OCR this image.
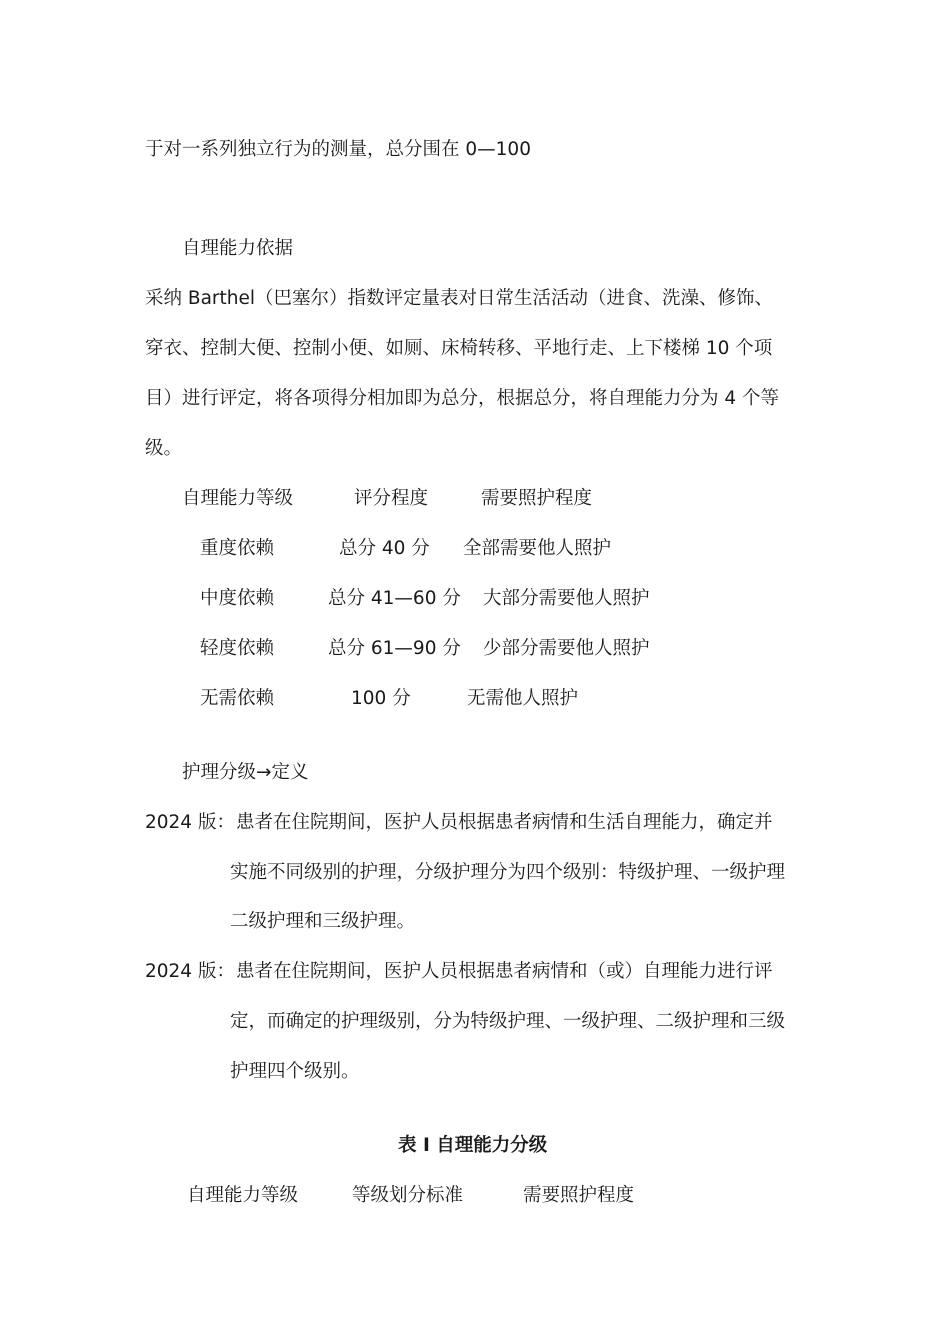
于对一系列独立行为的测量，总分围在 0—100
自理能力依据
采纳 Barthel（巴塞尔）指数评定量表对日常生活活动（进食、洗澡、修饰、
穿衣、控制大便、控制小便、如厕、床椅转移、平地行走、上下楼梯 10 个项
目）进行评定，将各项得分相加即为总分，根据总分，将自理能力分为 4 个等
级。
自理能力等级	评分程度	需要照护程度
重度依赖	总分 40 分 全部需要他人照护
中度依赖	总分 41—60 分 大部分需要他人照护
轻度依赖	总分 61—90 分 少部分需要他人照护
无需依赖	100 分	无需他人照护
护理分级→定义
2024 版： 患者在住院期间，医护人员根据患者病情和生活自理能力，确定并
实施不同级别的护理，分级护理分为四个级别：特级护理、一级护理
二级护理和三级护理。
2024 版： 患者在住院期间，医护人员根据患者病情和（或）自理能力进行评
定，而确定的护理级别，分为特级护理、一级护理、二级护理和三级
护理四个级别。
表 I 自理能力分级
自理能力等级	等级划分标准	需要照护程度
